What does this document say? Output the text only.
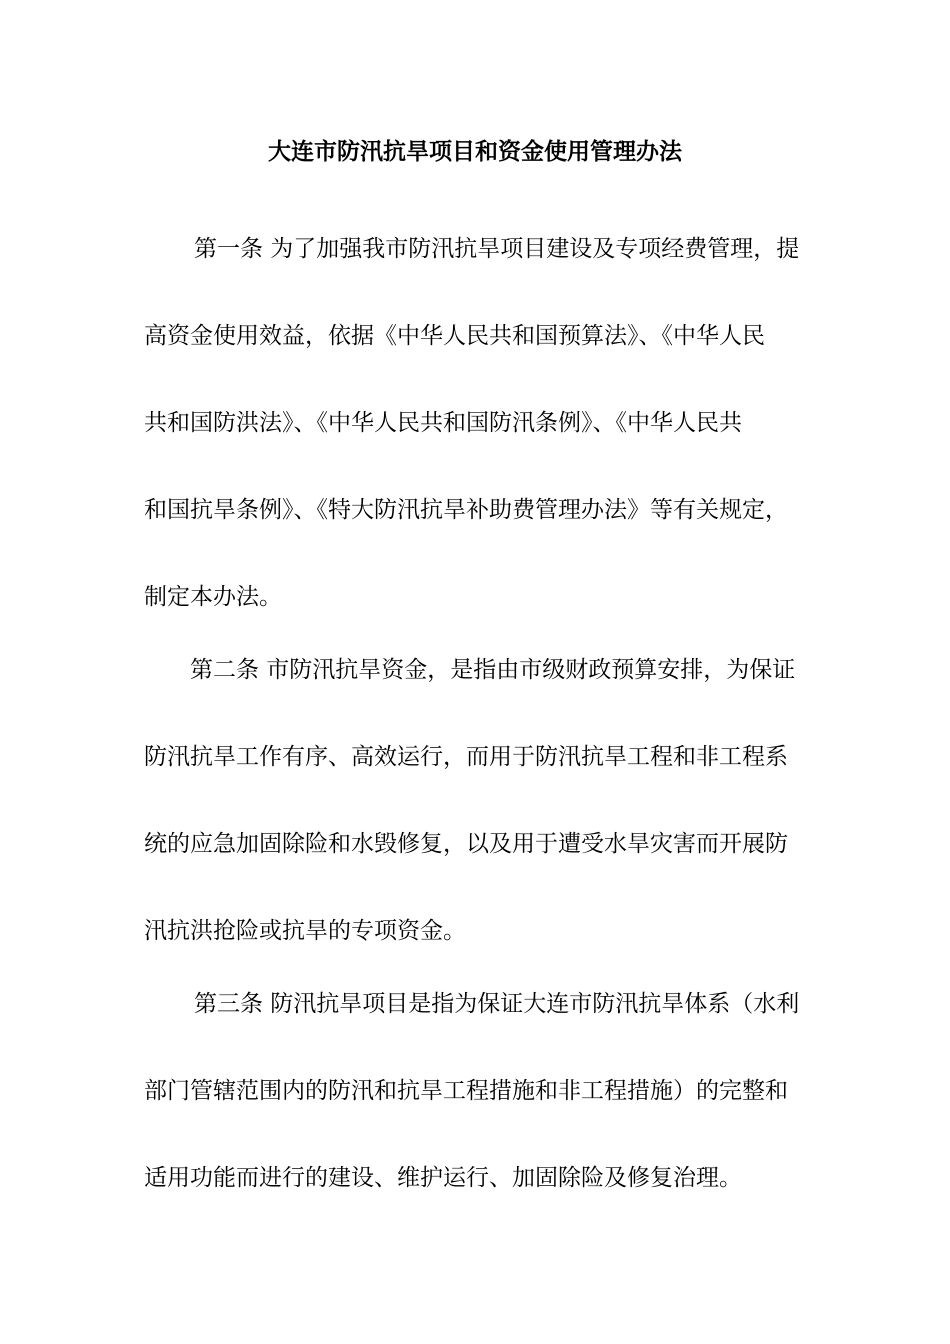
大连市防汛抗旱项目和资金使用管理办法
第一条 为了加强我市防汛抗旱项目建设及专项经费管理，提
高资金使用效益，依据《中华人民共和国预算法》、《中华人民
共和国防洪法》、《中华人民共和国防汛条例》、《中华人民共
和国抗旱条例》、《特大防汛抗旱补助费管理办法》等有关规定，
制定本办法。
第二条 市防汛抗旱资金，是指由市级财政预算安排，为保证
防汛抗旱工作有序、高效运行，而用于防汛抗旱工程和非工程系
统的应急加固除险和水毁修复，以及用于遭受水旱灾害而开展防
汛抗洪抢险或抗旱的专项资金。
第三条 防汛抗旱项目是指为保证大连市防汛抗旱体系（水利
部门管辖范围内的防汛和抗旱工程措施和非工程措施）的完整和
适用功能而进行的建设、维护运行、加固除险及修复治理。
